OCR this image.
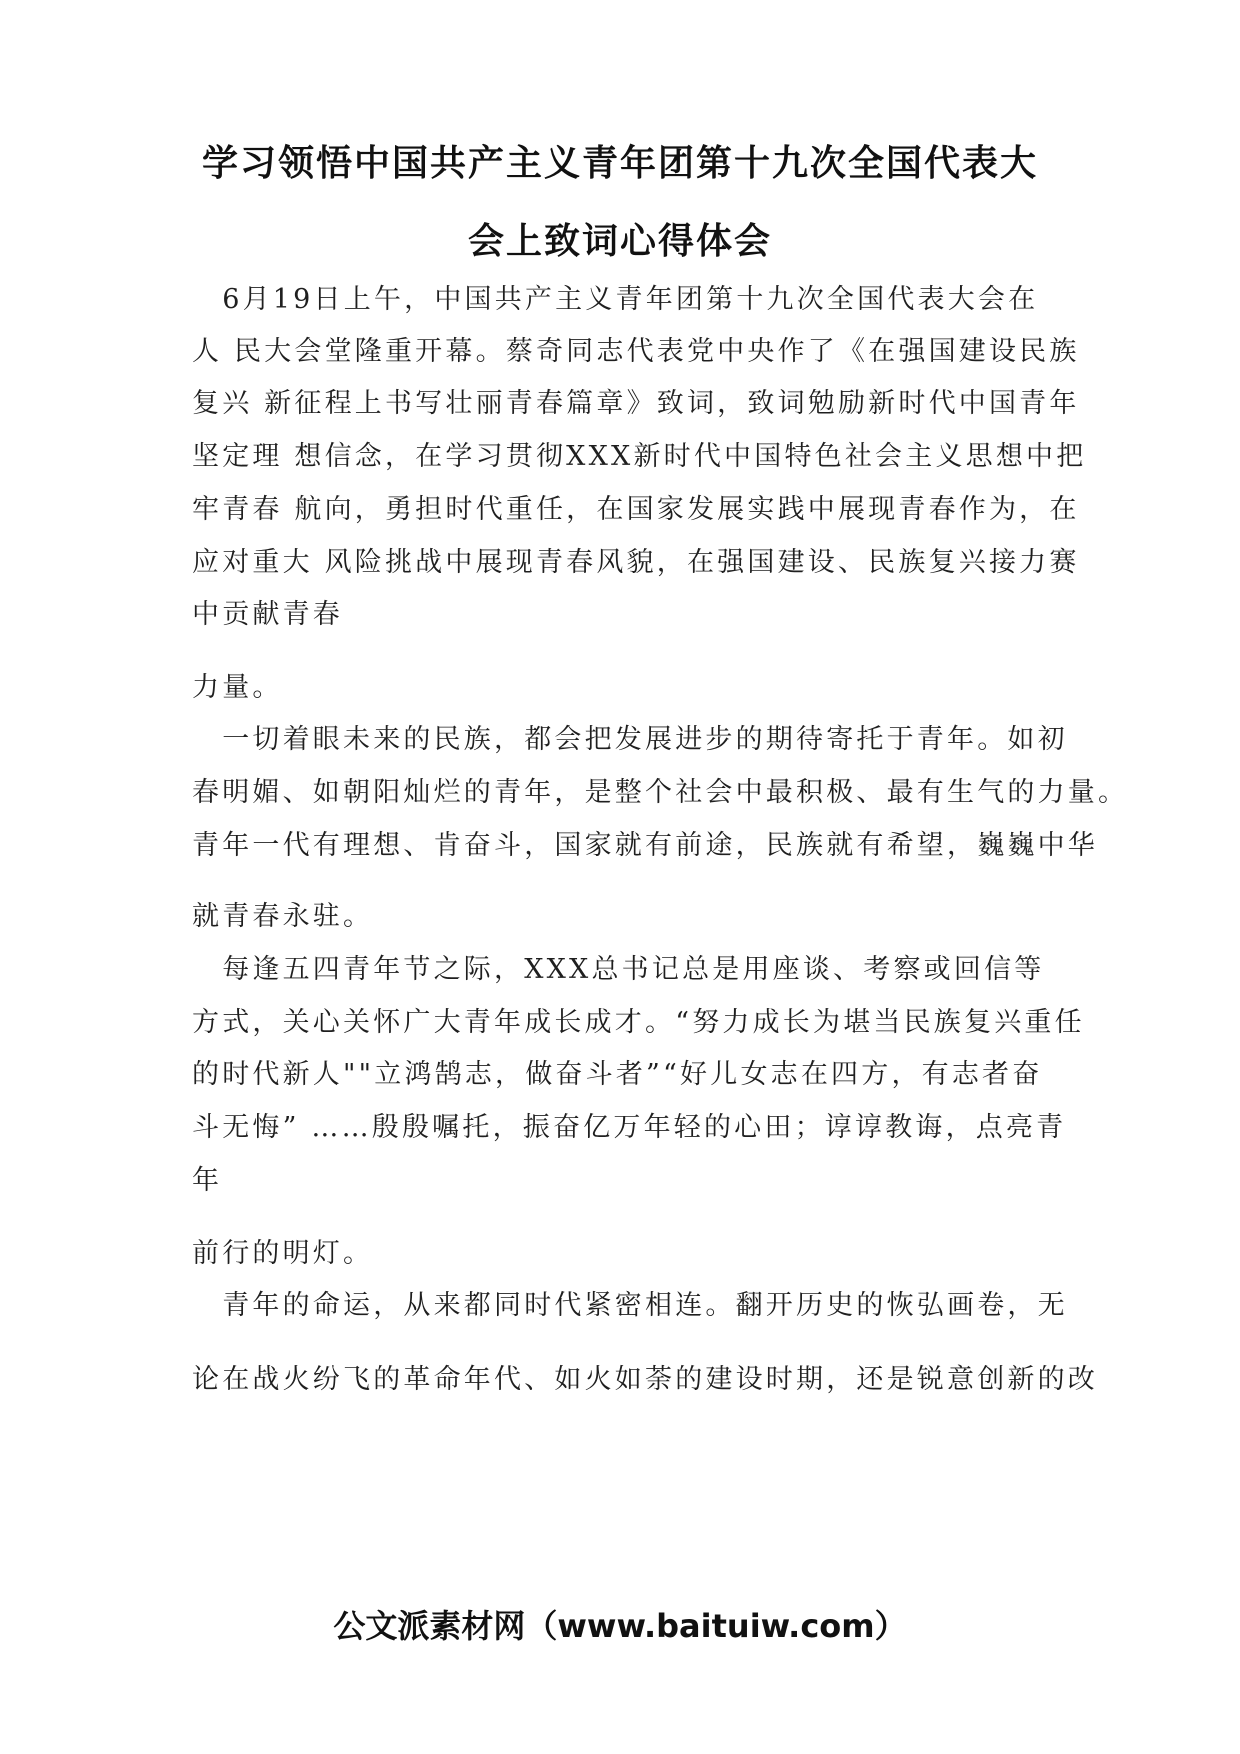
学习领悟中国共产主义青年团第十九次全国代表大
会上致词心得体会
　6月19日上午，中国共产主义青年团第十九次全国代表大会在
人 民大会堂隆重开幕。蔡奇同志代表党中央作了《在强国建设民族
复兴 新征程上书写壮丽青春篇章》致词，致词勉励新时代中国青年
坚定理 想信念，在学习贯彻XXX新时代中国特色社会主义思想中把
牢青春 航向，勇担时代重任，在国家发展实践中展现青春作为，在
应对重大 风险挑战中展现青春风貌，在强国建设、民族复兴接力赛
中贡献青春
力量。
　一切着眼未来的民族，都会把发展进步的期待寄托于青年。如初
春明媚、如朝阳灿烂的青年，是整个社会中最积极、最有生气的力量。
青年一代有理想、肯奋斗，国家就有前途，民族就有希望，巍巍中华
就青春永驻。
　每逢五四青年节之际，XXX总书记总是用座谈、考察或回信等
方式，关心关怀广大青年成长成才。“努力成长为堪当民族复兴重任
的时代新人""立鸿鹄志，做奋斗者”“好儿女志在四方，有志者奋
斗无悔” ……殷殷嘱托，振奋亿万年轻的心田；谆谆教诲，点亮青
年
前行的明灯。
　青年的命运，从来都同时代紧密相连。翻开历史的恢弘画卷，无
论在战火纷飞的革命年代、如火如荼的建设时期，还是锐意创新的改
公文派素材网（www.baituiw.com）
